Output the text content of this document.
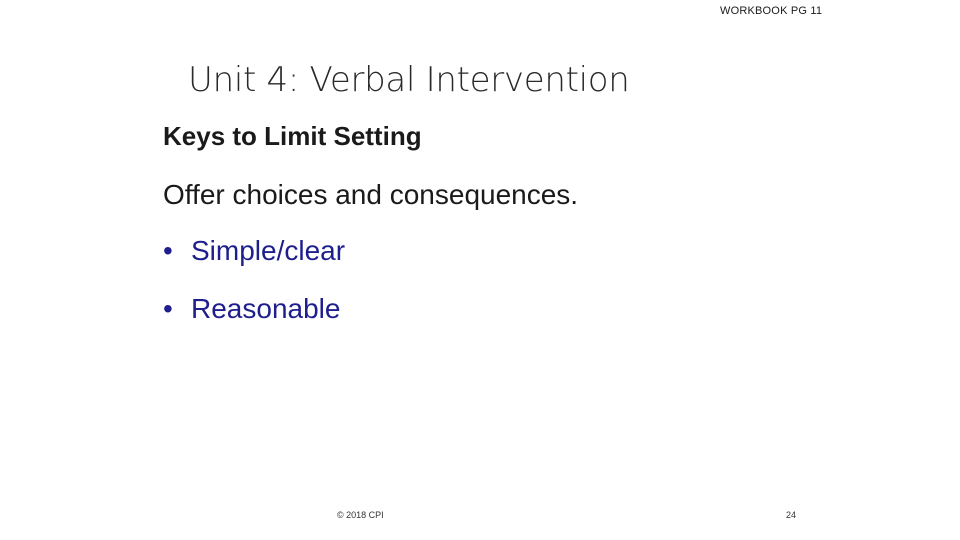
WORKBOOK PG 11
Unit 4: Verbal Intervention
Keys to Limit Setting
Offer choices and consequences.
• Simple/clear
• Reasonable
© 2018 CPI	24
